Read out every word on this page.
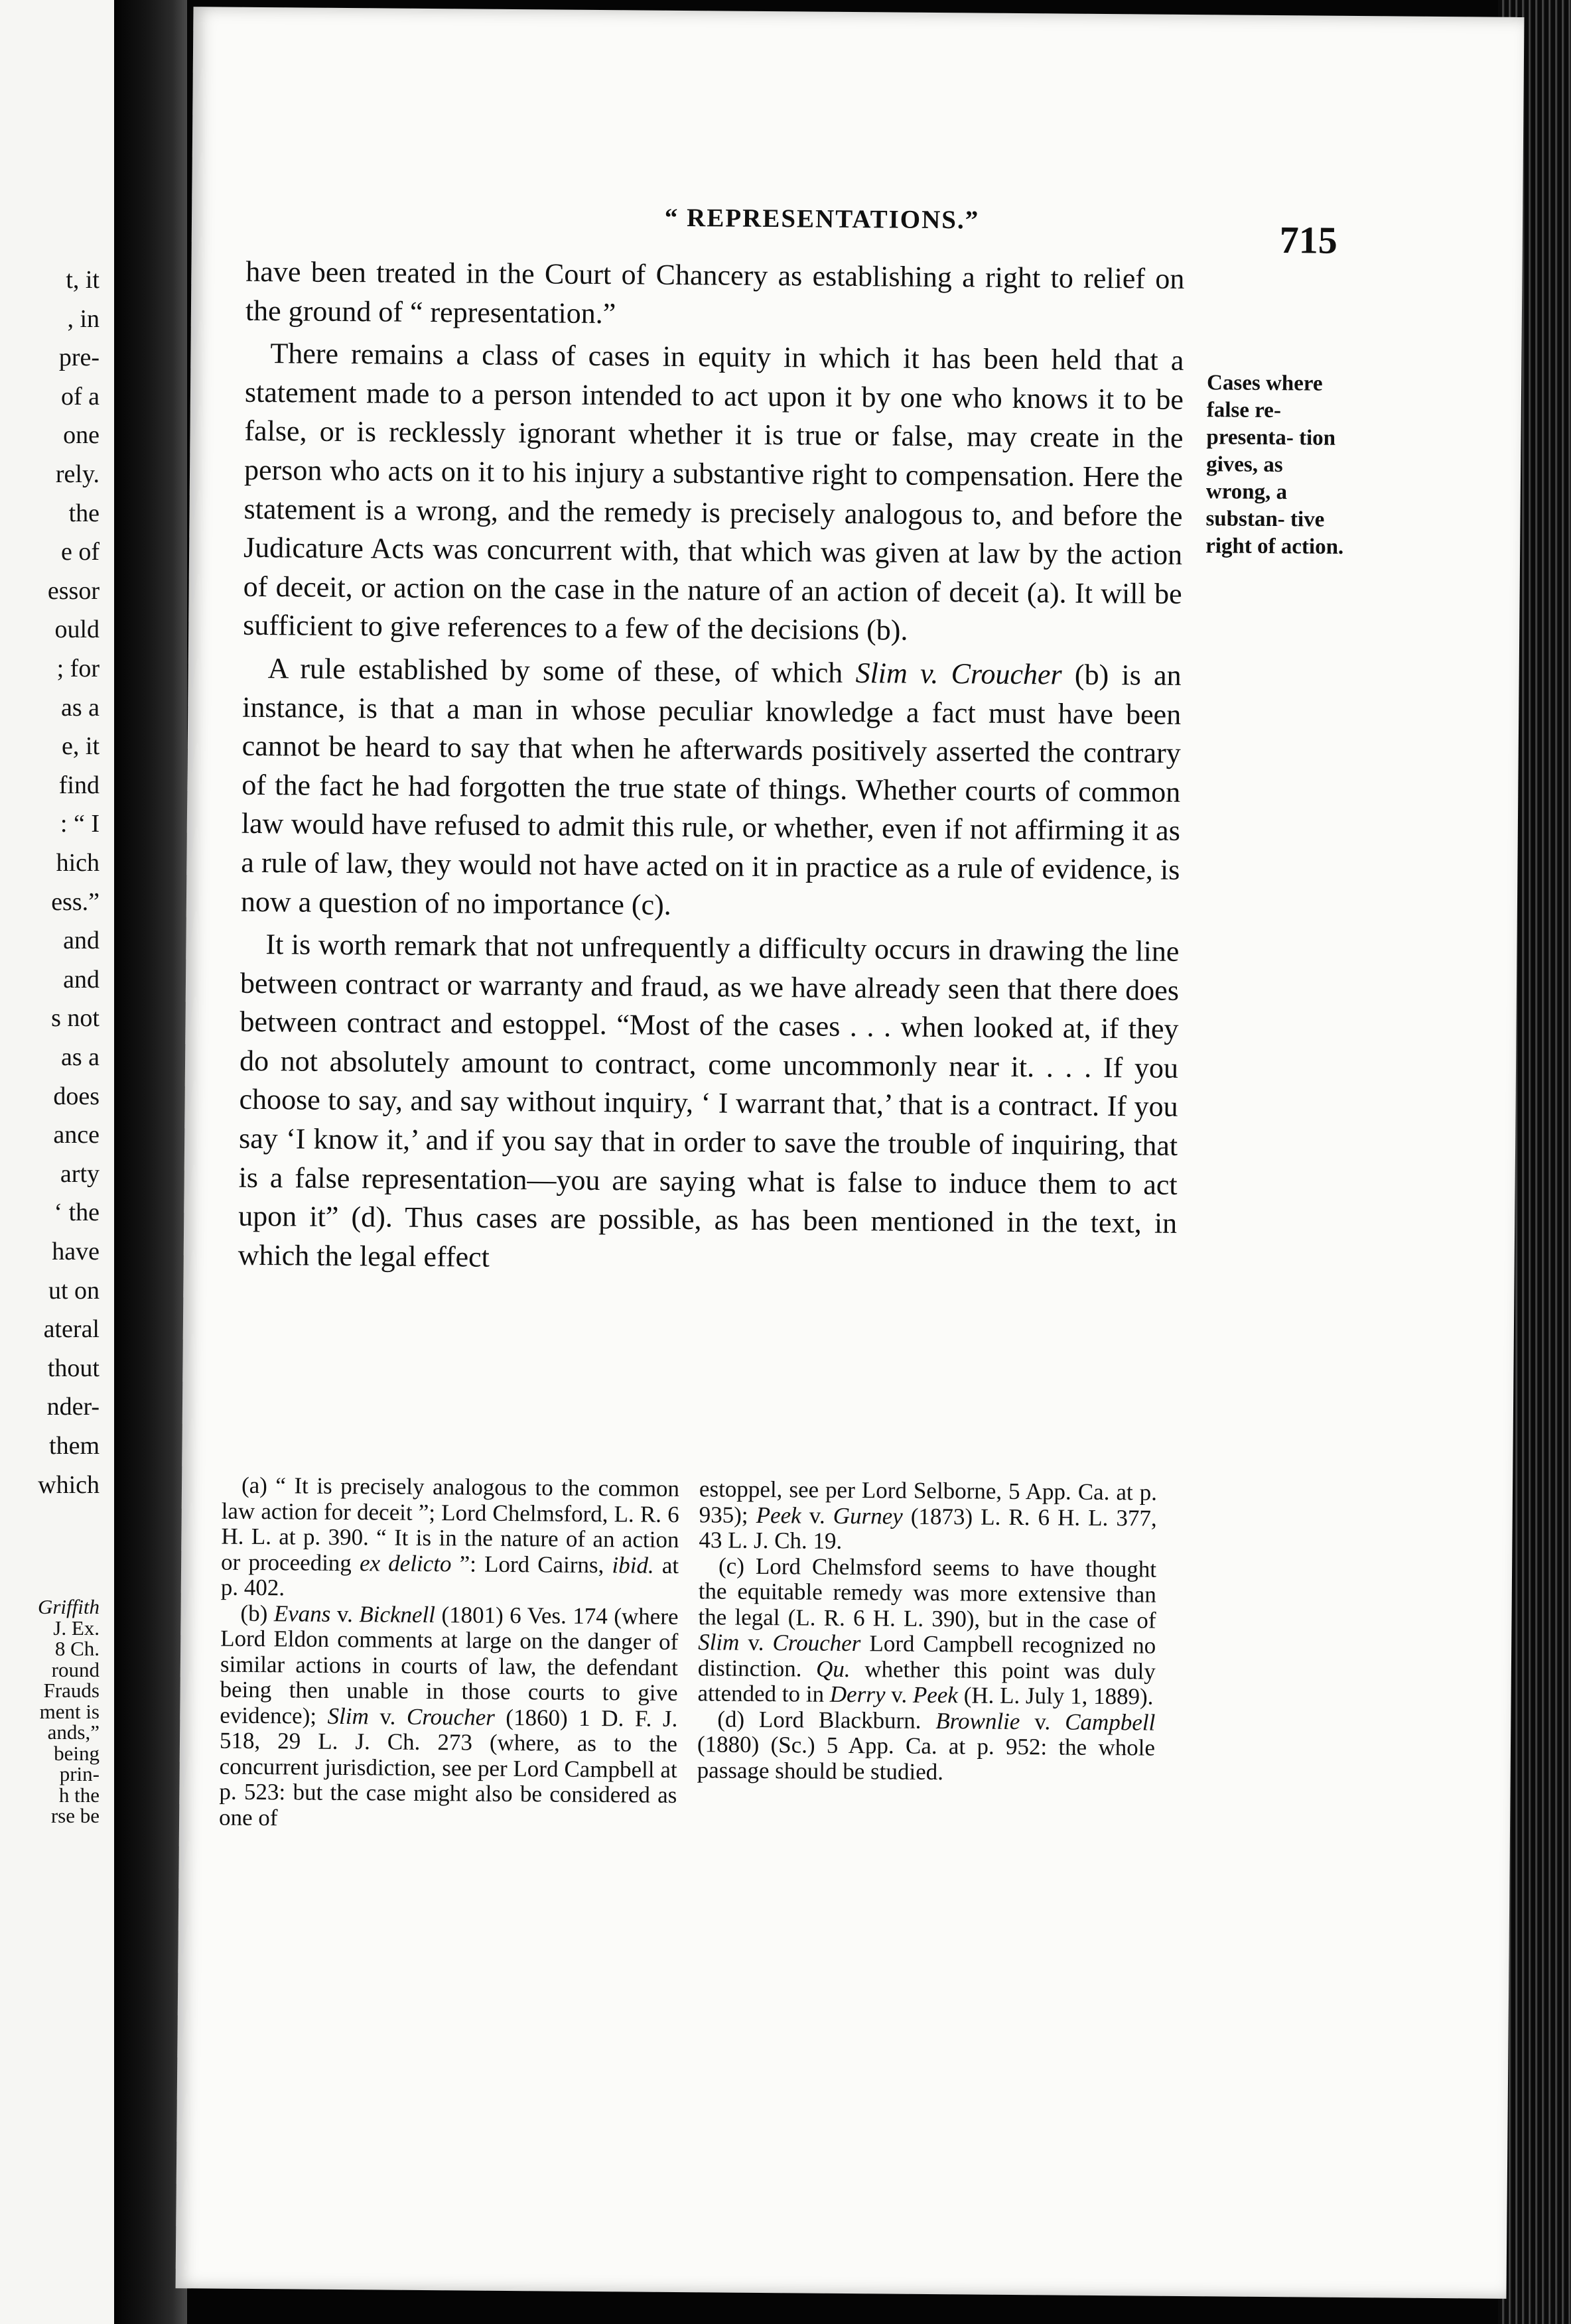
t, it
, in
pre-
of a
one
rely.
the
e of
essor
ould
; for
as a
e, it
find
: “ I
hich
ess.”
and
and
s not
as a
does
ance
arty
‘ the
have
ut on
ateral
thout
nder-
them
which
Griffith
J. Ex.
8 Ch.
round
Frauds
ment is
ands,”
being
prin-
h the
rse be
“ REPRESENTATIONS.”	715

have been treated in the Court of Chancery as establishing a right to relief on the ground of “ representation.”

There remains a class of cases in equity in which it has been held that a statement made to a person intended to act upon it by one who knows it to be false, or is recklessly ignorant whether it is true or false, may create in the person who acts on it to his injury a substantive right to compensation. Here the statement is a wrong, and the remedy is precisely analogous to, and before the Judicature Acts was concurrent with, that which was given at law by the action of deceit, or action on the case in the nature of an action of deceit (a). It will be sufficient to give references to a few of the decisions (b).

A rule established by some of these, of which Slim v. Croucher (b) is an instance, is that a man in whose peculiar knowledge a fact must have been cannot be heard to say that when he afterwards positively asserted the contrary of the fact he had forgotten the true state of things. Whether courts of common law would have refused to admit this rule, or whether, even if not affirming it as a rule of law, they would not have acted on it in practice as a rule of evidence, is now a question of no importance (c).

It is worth remark that not unfrequently a difficulty occurs in drawing the line between contract or warranty and fraud, as we have already seen that there does between contract and estoppel. “Most of the cases . . . when looked at, if they do not absolutely amount to contract, come uncommonly near it. . . . If you choose to say, and say without inquiry, ‘ I warrant that,’ that is a contract. If you say ‘I know it,’ and if you say that in order to save the trouble of inquiring, that is a false representation—you are saying what is false to induce them to act upon it” (d). Thus cases are possible, as has been mentioned in the text, in which the legal effect

Cases where false re- presenta- tion gives, as wrong, a substan- tive right of action.

(a) “ It is precisely analogous to the common law action for deceit ”; Lord Chelmsford, L. R. 6 H. L. at p. 390. “ It is in the nature of an action or proceeding ex delicto ”: Lord Cairns, ibid. at p. 402.

(b) Evans v. Bicknell (1801) 6 Ves. 174 (where Lord Eldon comments at large on the danger of similar actions in courts of law, the defendant being then unable in those courts to give evidence); Slim v. Croucher (1860) 1 D. F. J. 518, 29 L. J. Ch. 273 (where, as to the concurrent jurisdiction, see per Lord Campbell at p. 523: but the case might also be considered as one of

estoppel, see per Lord Selborne, 5 App. Ca. at p. 935); Peek v. Gurney (1873) L. R. 6 H. L. 377, 43 L. J. Ch. 19.

(c) Lord Chelmsford seems to have thought the equitable remedy was more extensive than the legal (L. R. 6 H. L. 390), but in the case of Slim v. Croucher Lord Campbell recognized no distinction. Qu. whether this point was duly attended to in Derry v. Peek (H. L. July 1, 1889).

(d) Lord Blackburn. Brownlie v. Campbell (1880) (Sc.) 5 App. Ca. at p. 952: the whole passage should be studied.
